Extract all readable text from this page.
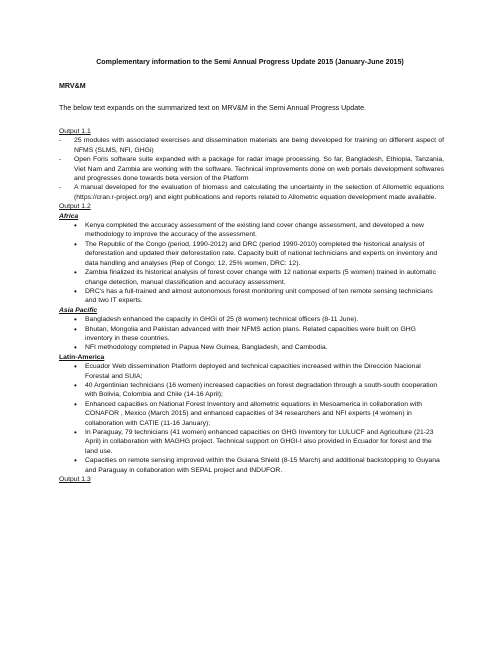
Complementary information to the Semi Annual Progress Update 2015 (January-June 2015)
MRV&M
The below text expands on the summarized text on MRV&M in the Semi Annual Progress Update.
Output 1.1
- 25 modules with associated exercises and dissemination materials are being developed for training on different aspect of NFMS (SLMS, NFI, GHGi)
- Open Foris software suite expanded with a package for radar image processing. So far, Bangladesh, Ethiopia, Tanzania, Viet Nam and Zambia are working with the software. Technical improvements done on web portals development softwares and progresses done towards beta version of the Platform
- A manual developed for the evaluation of biomass and calculating the uncertainty in the selection of Allometric equations (https://cran.r-project.org/) and eight publications and reports related to Allometric equation development made available.
Output 1.2
Africa
• Kenya completed the accuracy assessment of the existing land cover change assessment, and developed a new methodology to improve the accuracy of the assessment.
• The Republic of the Congo (period, 1990-2012) and DRC (period 1990-2010) completed the historical analysis of deforestation and updated their deforestation rate. Capacity built of national technicians and experts on inventory and data handling and analyses (Rep of Congo: 12, 25% women, DRC: 12).
• Zambia finalized its historical analysis of forest cover change with 12 national experts (5 women) trained in automatic change detection, manual classification and accuracy assessment.
• DRC's has a full-trained and almost autonomous forest monitoring unit composed of ten remote sensing technicians and two IT experts.
Asia Pacific
• Bangladesh enhanced the capacity in GHGi of 25 (8 women) technical officers (8-11 June).
• Bhutan, Mongolia and Pakistan advanced with their NFMS action plans. Related capacities were built on GHG inventory in these countries.
• NFI methodology completed in Papua New Guinea, Bangladesh, and Cambodia.
Latin-America
• Ecuador Web dissemination Platform deployed and technical capacities increased within the Dirección Nacional Forestal and SUIA;
• 40 Argentinian technicians (16 women) increased capacities on forest degradation through a south-south cooperation with Bolivia, Colombia and Chile (14-16 April);
• Enhanced capacities on National Forest Inventory and allometric equations in Mesoamerica in collaboration with CONAFOR , Mexico (March 2015) and enhanced capacities of 34 researchers and NFI experts (4 women) in collaboration with CATIE (11-16 January);
• In Paraguay, 79 technicians (41 women) enhanced capacities on GHG Inventory for LULUCF and Agriculture (21-23 April) in collaboration with MAGHG project. Technical support on GHGI-I also provided in Ecuador for forest and the land use.
• Capacities on remote sensing improved within the Guiana Shield (8-15 March) and additional backstopping to Guyana and Paraguay in collaboration with SEPAL project and INDUFOR.
Output 1.3
